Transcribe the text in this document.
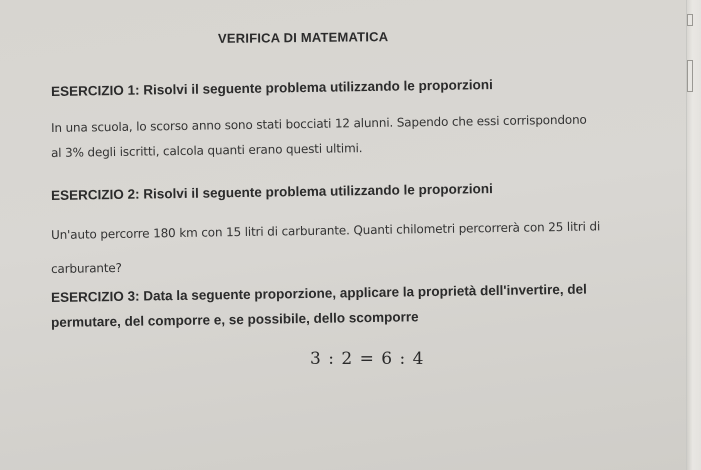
VERIFICA DI MATEMATICA
ESERCIZIO 1: Risolvi il seguente problema utilizzando le proporzioni
In una scuola, lo scorso anno sono stati bocciati 12 alunni. Sapendo che essi corrispondono
al 3% degli iscritti, calcola quanti erano questi ultimi.
ESERCIZIO 2: Risolvi il seguente problema utilizzando le proporzioni
Un'auto percorre 180 km con 15 litri di carburante. Quanti chilometri percorrerà con 25 litri di
carburante?
ESERCIZIO 3: Data la seguente proporzione, applicare la proprietà dell'invertire, del
permutare, del comporre e, se possibile, dello scomporre
3 : 2 = 6 : 4
